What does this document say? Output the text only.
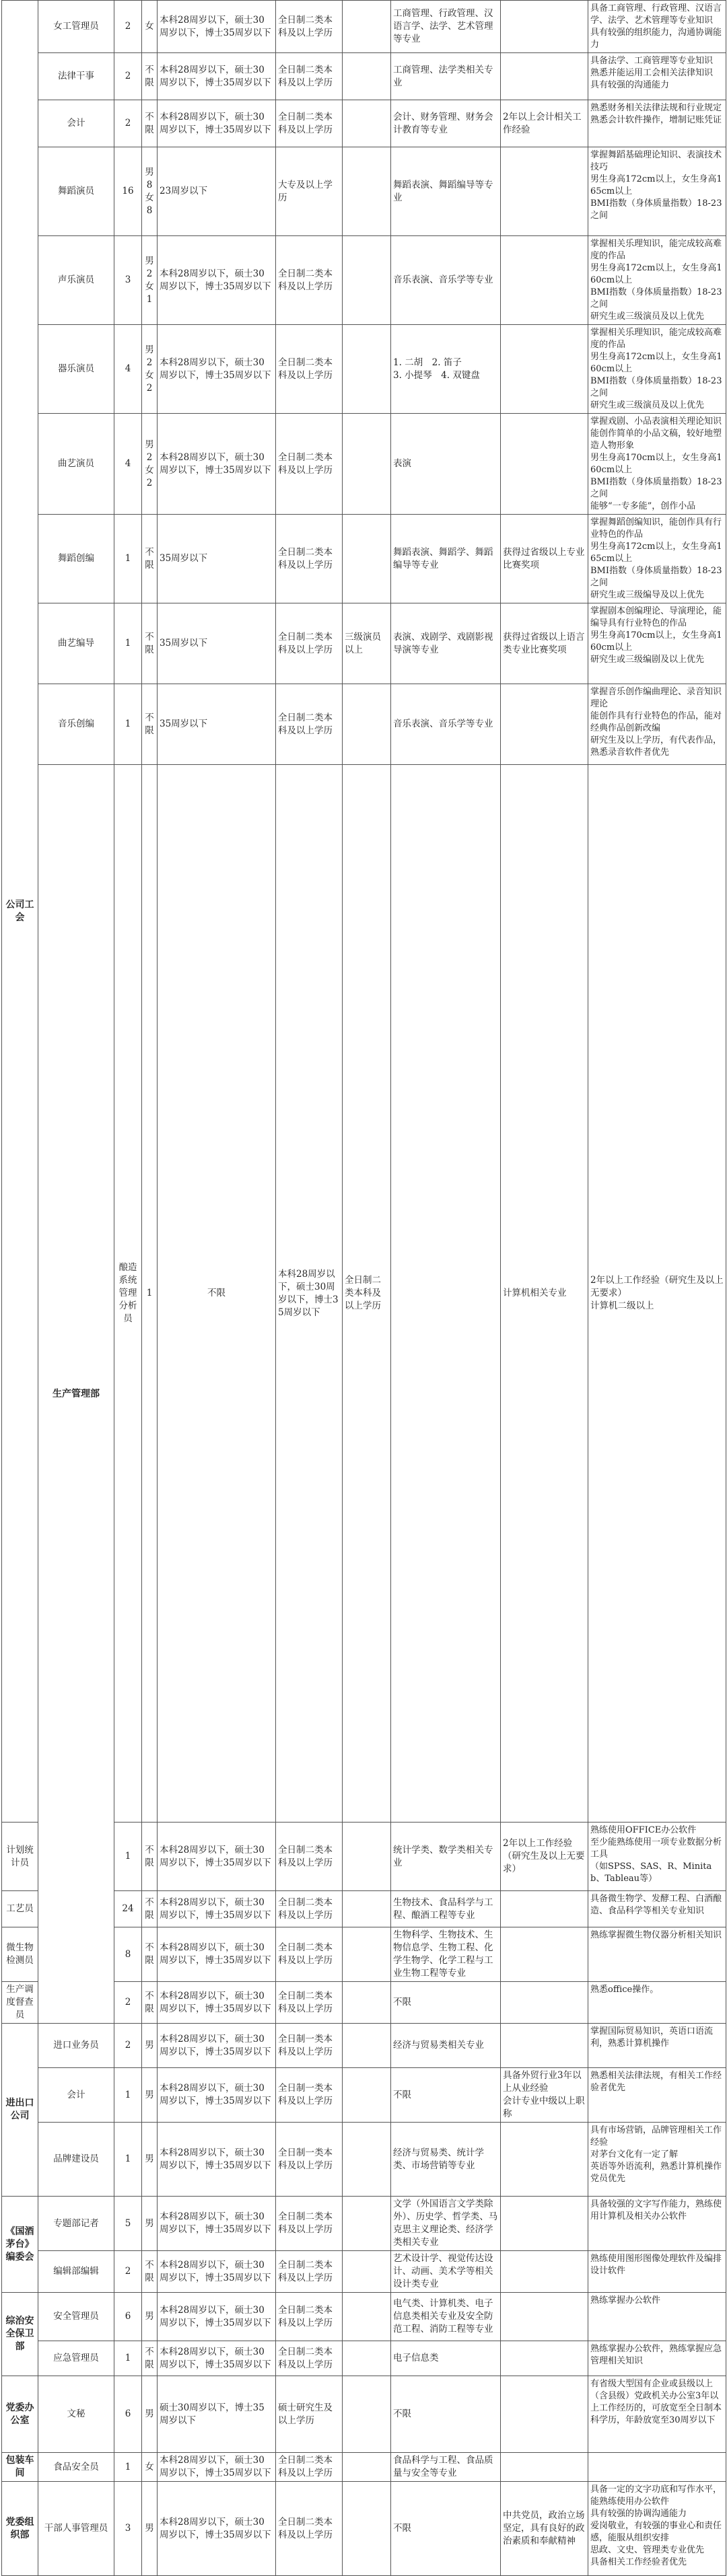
公司工会	女工管理员	2	女	本科28周岁以下，硕士30周岁以下，博士35周岁以下	全日制二类本科及以上学历		工商管理、行政管理、汉语言学、法学、艺术管理等专业		具备工商管理、行政管理、汉语言学、法学、艺术管理等专业知识
具有较强的组织能力，沟通协调能力	
	法律干事	2	不限	本科28周岁以下，硕士30周岁以下，博士35周岁以下	全日制二类本科及以上学历		工商管理、法学类相关专业		具备法学、工商管理等专业知识
熟悉并能运用工会相关法律知识
具有较强的沟通能力	
	会计	2	不限	本科28周岁以下，硕士30周岁以下，博士35周岁以下	全日制二类本科及以上学历		会计、财务管理、财务会计教育等专业	2年以上会计相关工作经验	熟悉财务相关法律法规和行业规定
熟悉会计软件操作，增制记账凭证	
	舞蹈演员	16	男8女8	23周岁以下	大专及以上学历		舞蹈表演、舞蹈编导等专业		掌握舞蹈基础理论知识、表演技术技巧
男生身高172cm以上，女生身高165cm以上
BMI指数（身体质量指数）18-23之间	
	声乐演员	3	男2女1	本科28周岁以下，硕士30周岁以下，博士35周岁以下	全日制二类本科及以上学历		音乐表演、音乐学等专业		掌握相关乐理知识，能完成较高难度的作品
男生身高172cm以上，女生身高160cm以上
BMI指数（身体质量指数）18-23之间
研究生或三级演员及以上优先	
	器乐演员	4	男2女2	本科28周岁以下，硕士30周岁以下，博士35周岁以下	全日制二类本科及以上学历		1. 二胡　2. 笛子
3. 小提琴　4. 双键盘		掌握相关乐理知识，能完成较高难度的作品
男生身高172cm以上，女生身高160cm以上
BMI指数（身体质量指数）18-23之间
研究生或三级演员及以上优先	
	曲艺演员	4	男2女2	本科28周岁以下，硕士30周岁以下，博士35周岁以下	全日制二类本科及以上学历		表演		掌握戏剧、小品表演相关理论知识
能创作简单的小品文稿，较好地塑造人物形象
男生身高170cm以上，女生身高160cm以上
BMI指数（身体质量指数）18-23之间
能够“一专多能”，创作小品	
	舞蹈创编	1	不限	35周岁以下	全日制二类本科及以上学历		舞蹈表演、舞蹈学、舞蹈编导等专业	获得过省级以上专业比赛奖项	掌握舞蹈创编知识，能创作具有行业特色的作品
男生身高172cm以上，女生身高165cm以上
BMI指数（身体质量指数）18-23之间
研究生或三级编导及以上优先	
	曲艺编导	1	不限	35周岁以下	全日制二类本科及以上学历	三级演员以上	表演、戏剧学、戏剧影视导演等专业	获得过省级以上语言类专业比赛奖项	掌握剧本创编理论、导演理论，能编导具有行业特色的作品
男生身高170cm以上，女生身高160cm以上
研究生或三级编剧及以上优先	
	音乐创编	1	不限	35周岁以下	全日制二类本科及以上学历		音乐表演、音乐学等专业		掌握音乐创作编曲理论、录音知识理论
能创作具有行业特色的作品，能对经典作品创新改编
研究生及以上学历，有代表作品，熟悉录音软件者优先	
	生产管理部	酿造系统管理分析员	1	不限	本科28周岁以下，硕士30周岁以下，博士35周岁以下	全日制二类本科及以上学历		计算机相关专业	2年以上工作经验（研究生及以上无要求）
计算机二级以上	
计划统计员		1	不限	本科28周岁以下，硕士30周岁以下，博士35周岁以下	全日制二类本科及以上学历		统计学类、数学类相关专业	2年以上工作经验（研究生及以上无要求）	熟练使用OFFICE办公软件
至少能熟练使用一项专业数据分析工具
（如SPSS、SAS、R、Minitab、Tableau等）	
工艺员		24	不限	本科28周岁以下，硕士30周岁以下，博士35周岁以下	全日制二类本科及以上学历		生物技术、食品科学与工程、酿酒工程等专业		具备微生物学、发酵工程、白酒酿造、食品科学等相关专业知识	
微生物检测员		8	不限	本科28周岁以下，硕士30周岁以下，博士35周岁以下	全日制二类本科及以上学历		生物科学、生物技术、生物信息学、生物工程、化学生物学、化学工程与工业生物工程等专业		熟练掌握微生物仪器分析相关知识	
生产调度督查员		2	不限	本科28周岁以下，硕士30周岁以下，博士35周岁以下	全日制二类本科及以上学历		不限		熟悉office操作。	
进出口公司	进口业务员	2	男	本科28周岁以下，硕士30周岁以下，博士35周岁以下	全日制一类本科及以上学历		经济与贸易类相关专业		掌握国际贸易知识，英语口语流利，熟悉计算机操作	
	会计	1	男	本科28周岁以下，硕士30周岁以下，博士35周岁以下	全日制一类本科及以上学历		不限	具备外贸行业3年以上从业经验
会计专业中级以上职称	熟悉相关法律法规，有相关工作经验者优先	
	品牌建设员	1	男	本科28周岁以下，硕士30周岁以下，博士35周岁以下	全日制一类本科及以上学历		经济与贸易类、统计学类、市场营销等专业		具有市场营销，品牌管理相关工作经验
对茅台文化有一定了解
英语等外语流利，熟悉计算机操作
党员优先	
《国酒茅台》编委会	专题部记者	5	男	本科28周岁以下，硕士30周岁以下，博士35周岁以下	全日制二类本科及以上学历		文学（外国语言文学类除外）、历史学、哲学类、马克思主义理论类、经济学类相关专业		具备较强的文字写作能力，熟练使用计算机及相关办公软件	
	编辑部编辑	2	不限	本科28周岁以下，硕士30周岁以下，博士35周岁以下	全日制二类本科及以上学历		艺术设计学、视觉传达设计、动画、美术学等相关设计类专业		熟练使用图形图像处理软件及编排设计软件	
综治安全保卫部	安全管理员	6	男	本科28周岁以下，硕士30周岁以下，博士35周岁以下	全日制二类本科及以上学历		电气类、计算机类、电子信息类相关专业及安全防范工程、消防工程等专业		熟练掌握办公软件	
	应急管理员	1	不限	本科28周岁以下，硕士30周岁以下，博士35周岁以下	全日制二类本科及以上学历		电子信息类		熟练掌握办公软件，熟练掌握应急管理相关知识	
党委办公室	文秘	6	男	硕士30周岁以下，博士35周岁以下	硕士研究生及以上学历		不限		有省级大型国有企业或县级以上（含县级）党政机关办公室3年以上工作经历的，可放宽至全日制本科学历，年龄放宽至30周岁以下	
包装车间	食品安全员	1	女	本科28周岁以下，硕士30周岁以下，博士35周岁以下	全日制二类本科及以上学历		食品科学与工程、食品质量与安全等专业			
党委组织部	干部人事管理员	3	男	本科28周岁以下，硕士30周岁以下，博士35周岁以下	全日制二类本科及以上学历		不限	中共党员，政治立场坚定，具有良好的政治素质和奉献精神	具备一定的文字功底和写作水平，能熟练使用办公软件
具有较强的协调沟通能力
爱岗敬业，有较强的事业心和责任感，能服从组织安排
思政、文史、管理类专业优先
具备相关工作经验者优先	
